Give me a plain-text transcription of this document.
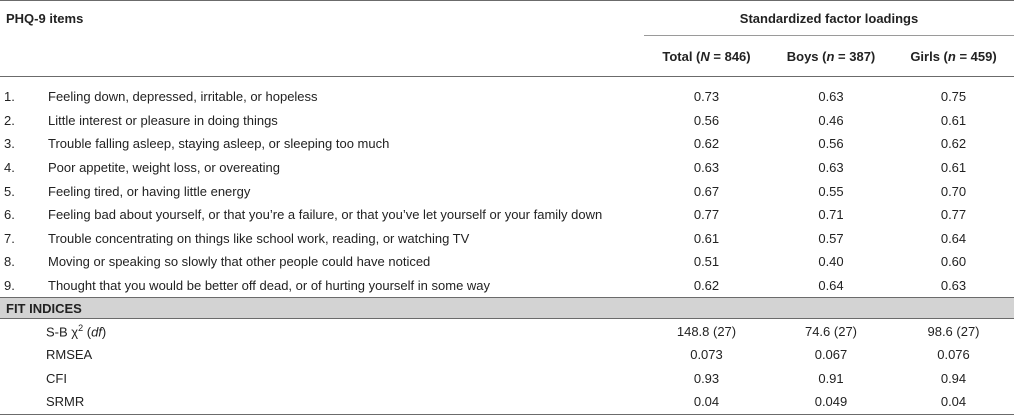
PHQ-9 items		Standardized factor loadings		
		Total (N = 846)	Boys (n = 387)	Girls (n = 459)

1.	Feeling down, depressed, irritable, or hopeless	0.73	0.63	0.75
2.	Little interest or pleasure in doing things	0.56	0.46	0.61
3.	Trouble falling asleep, staying asleep, or sleeping too much	0.62	0.56	0.62
4.	Poor appetite, weight loss, or overeating	0.63	0.63	0.61
5.	Feeling tired, or having little energy	0.67	0.55	0.70
6.	Feeling bad about yourself, or that you’re a failure, or that you’ve let yourself or your family down	0.77	0.71	0.77
7.	Trouble concentrating on things like school work, reading, or watching TV	0.61	0.57	0.64
8.	Moving or speaking so slowly that other people could have noticed	0.51	0.40	0.60
9.	Thought that you would be better off dead, or of hurting yourself in some way	0.62	0.64	0.63
FIT INDICES				
	S-B $\chi^2$ (df)	148.8 (27)	74.6 (27)	98.6 (27)
	RMSEA	0.073	0.067	0.076
	CFI	0.93	0.91	0.94
	SRMR	0.04	0.049	0.04
